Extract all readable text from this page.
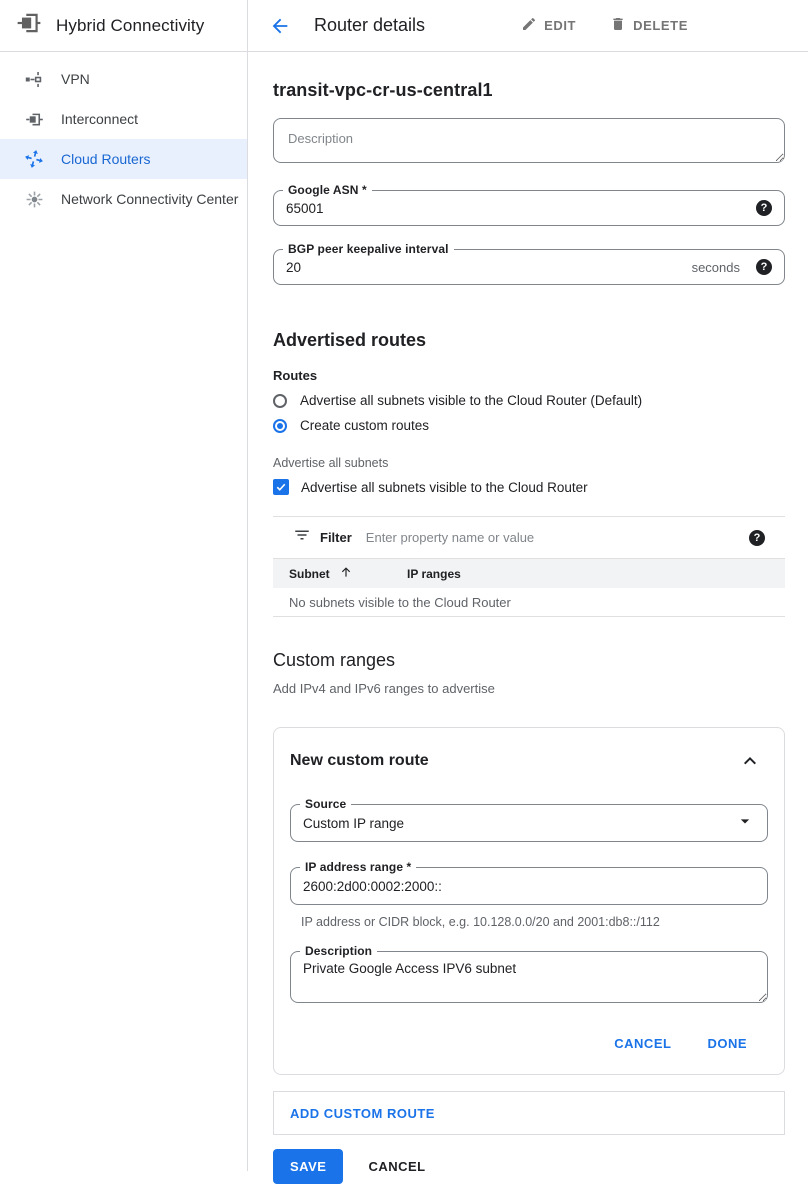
Hybrid Connectivity
VPN
Interconnect
Cloud Routers
Network Connectivity Center
Router details	EDIT	DELETE
transit-vpc-cr-us-central1
Description
Google ASN *
65001
?
BGP peer keepalive interval
20
seconds	?
Advertised routes
Routes
Advertise all subnets visible to the Cloud Router (Default)
Create custom routes
Advertise all subnets
Advertise all subnets visible to the Cloud Router
Filter
Enter property name or value	?
Subnet	IP ranges
No subnets visible to the Cloud Router
Custom ranges
Add IPv4 and IPv6 ranges to advertise
New custom route
Source
Custom IP range
IP address range *
2600:2d00:0002:2000::
IP address or CIDR block, e.g. 10.128.0.0/20 and 2001:db8::/112
Description
Private Google Access IPV6 subnet
CANCEL	DONE
ADD CUSTOM ROUTE
SAVE	CANCEL
